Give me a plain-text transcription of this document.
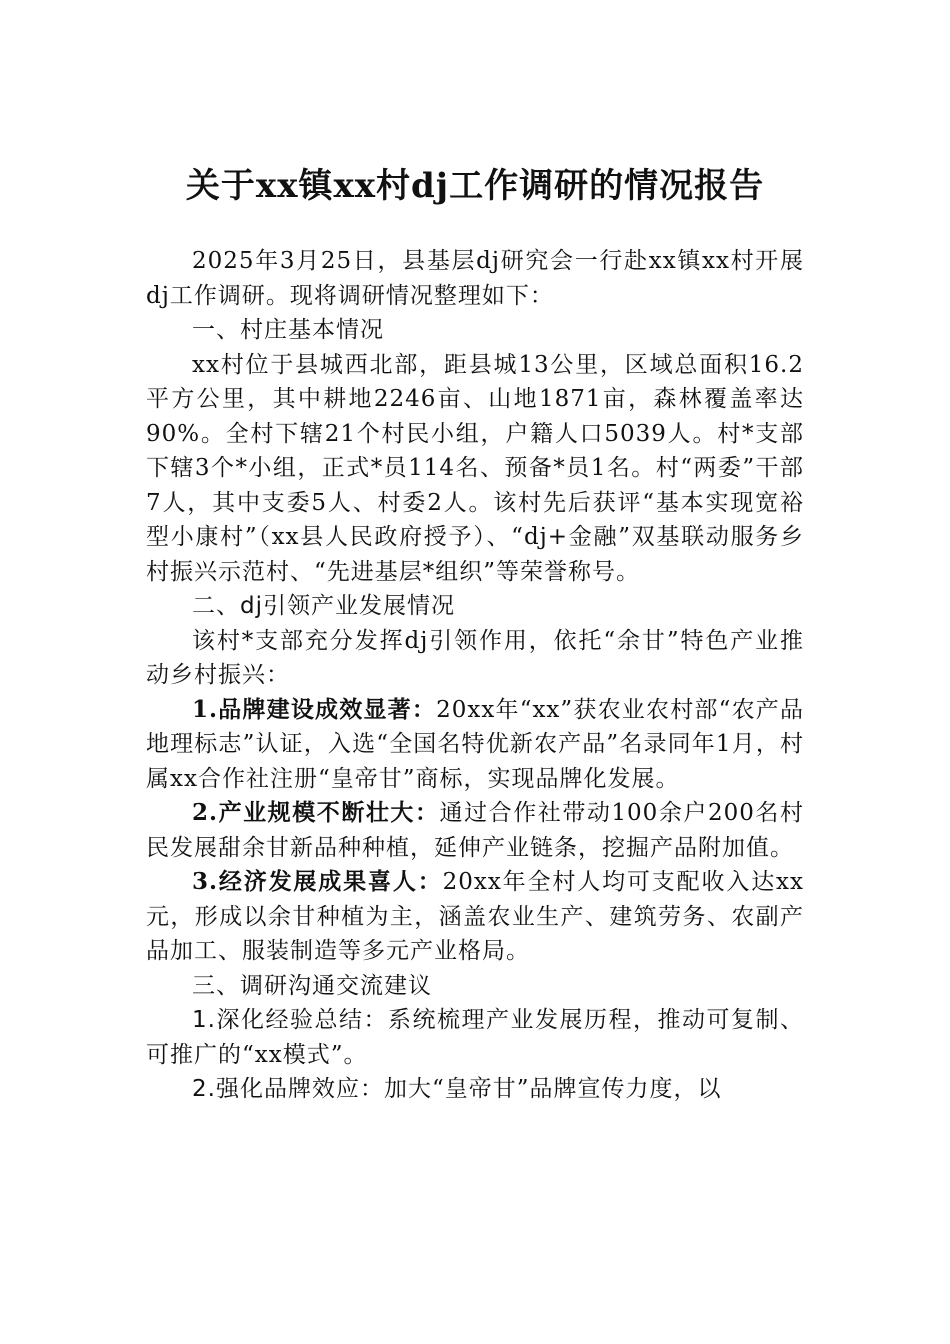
关于xx镇xx村dj工作调研的情况报告

2025年3月25日，县基层dj研究会一行赴xx镇xx村开展dj工作调研。现将调研情况整理如下：

一、村庄基本情况

xx村位于县城西北部，距县城13公里，区域总面积16.2平方公里，其中耕地2246亩、山地1871亩，森林覆盖率达90%。全村下辖21个村民小组，户籍人口5039人。村*支部下辖3个*小组，正式*员114名、预备*员1名。村“两委”干部7人，其中支委5人、村委2人。该村先后获评“基本实现宽裕型小康村”（xx县人民政府授予）、“dj+金融”双基联动服务乡村振兴示范村、“先进基层*组织”等荣誉称号。

二、dj引领产业发展情况

该村*支部充分发挥dj引领作用，依托“余甘”特色产业推动乡村振兴：

1.品牌建设成效显著：20xx年“xx”获农业农村部“农产品地理标志”认证，入选“全国名特优新农产品”名录同年1月，村属xx合作社注册“皇帝甘”商标，实现品牌化发展。

2.产业规模不断壮大：通过合作社带动100余户200名村民发展甜余甘新品种种植，延伸产业链条，挖掘产品附加值。

3.经济发展成果喜人：20xx年全村人均可支配收入达xx元，形成以余甘种植为主，涵盖农业生产、建筑劳务、农副产品加工、服装制造等多元产业格局。

三、调研沟通交流建议

1.深化经验总结：系统梳理产业发展历程，推动可复制、可推广的“xx模式”。

2.强化品牌效应：加大“皇帝甘”品牌宣传力度，以
